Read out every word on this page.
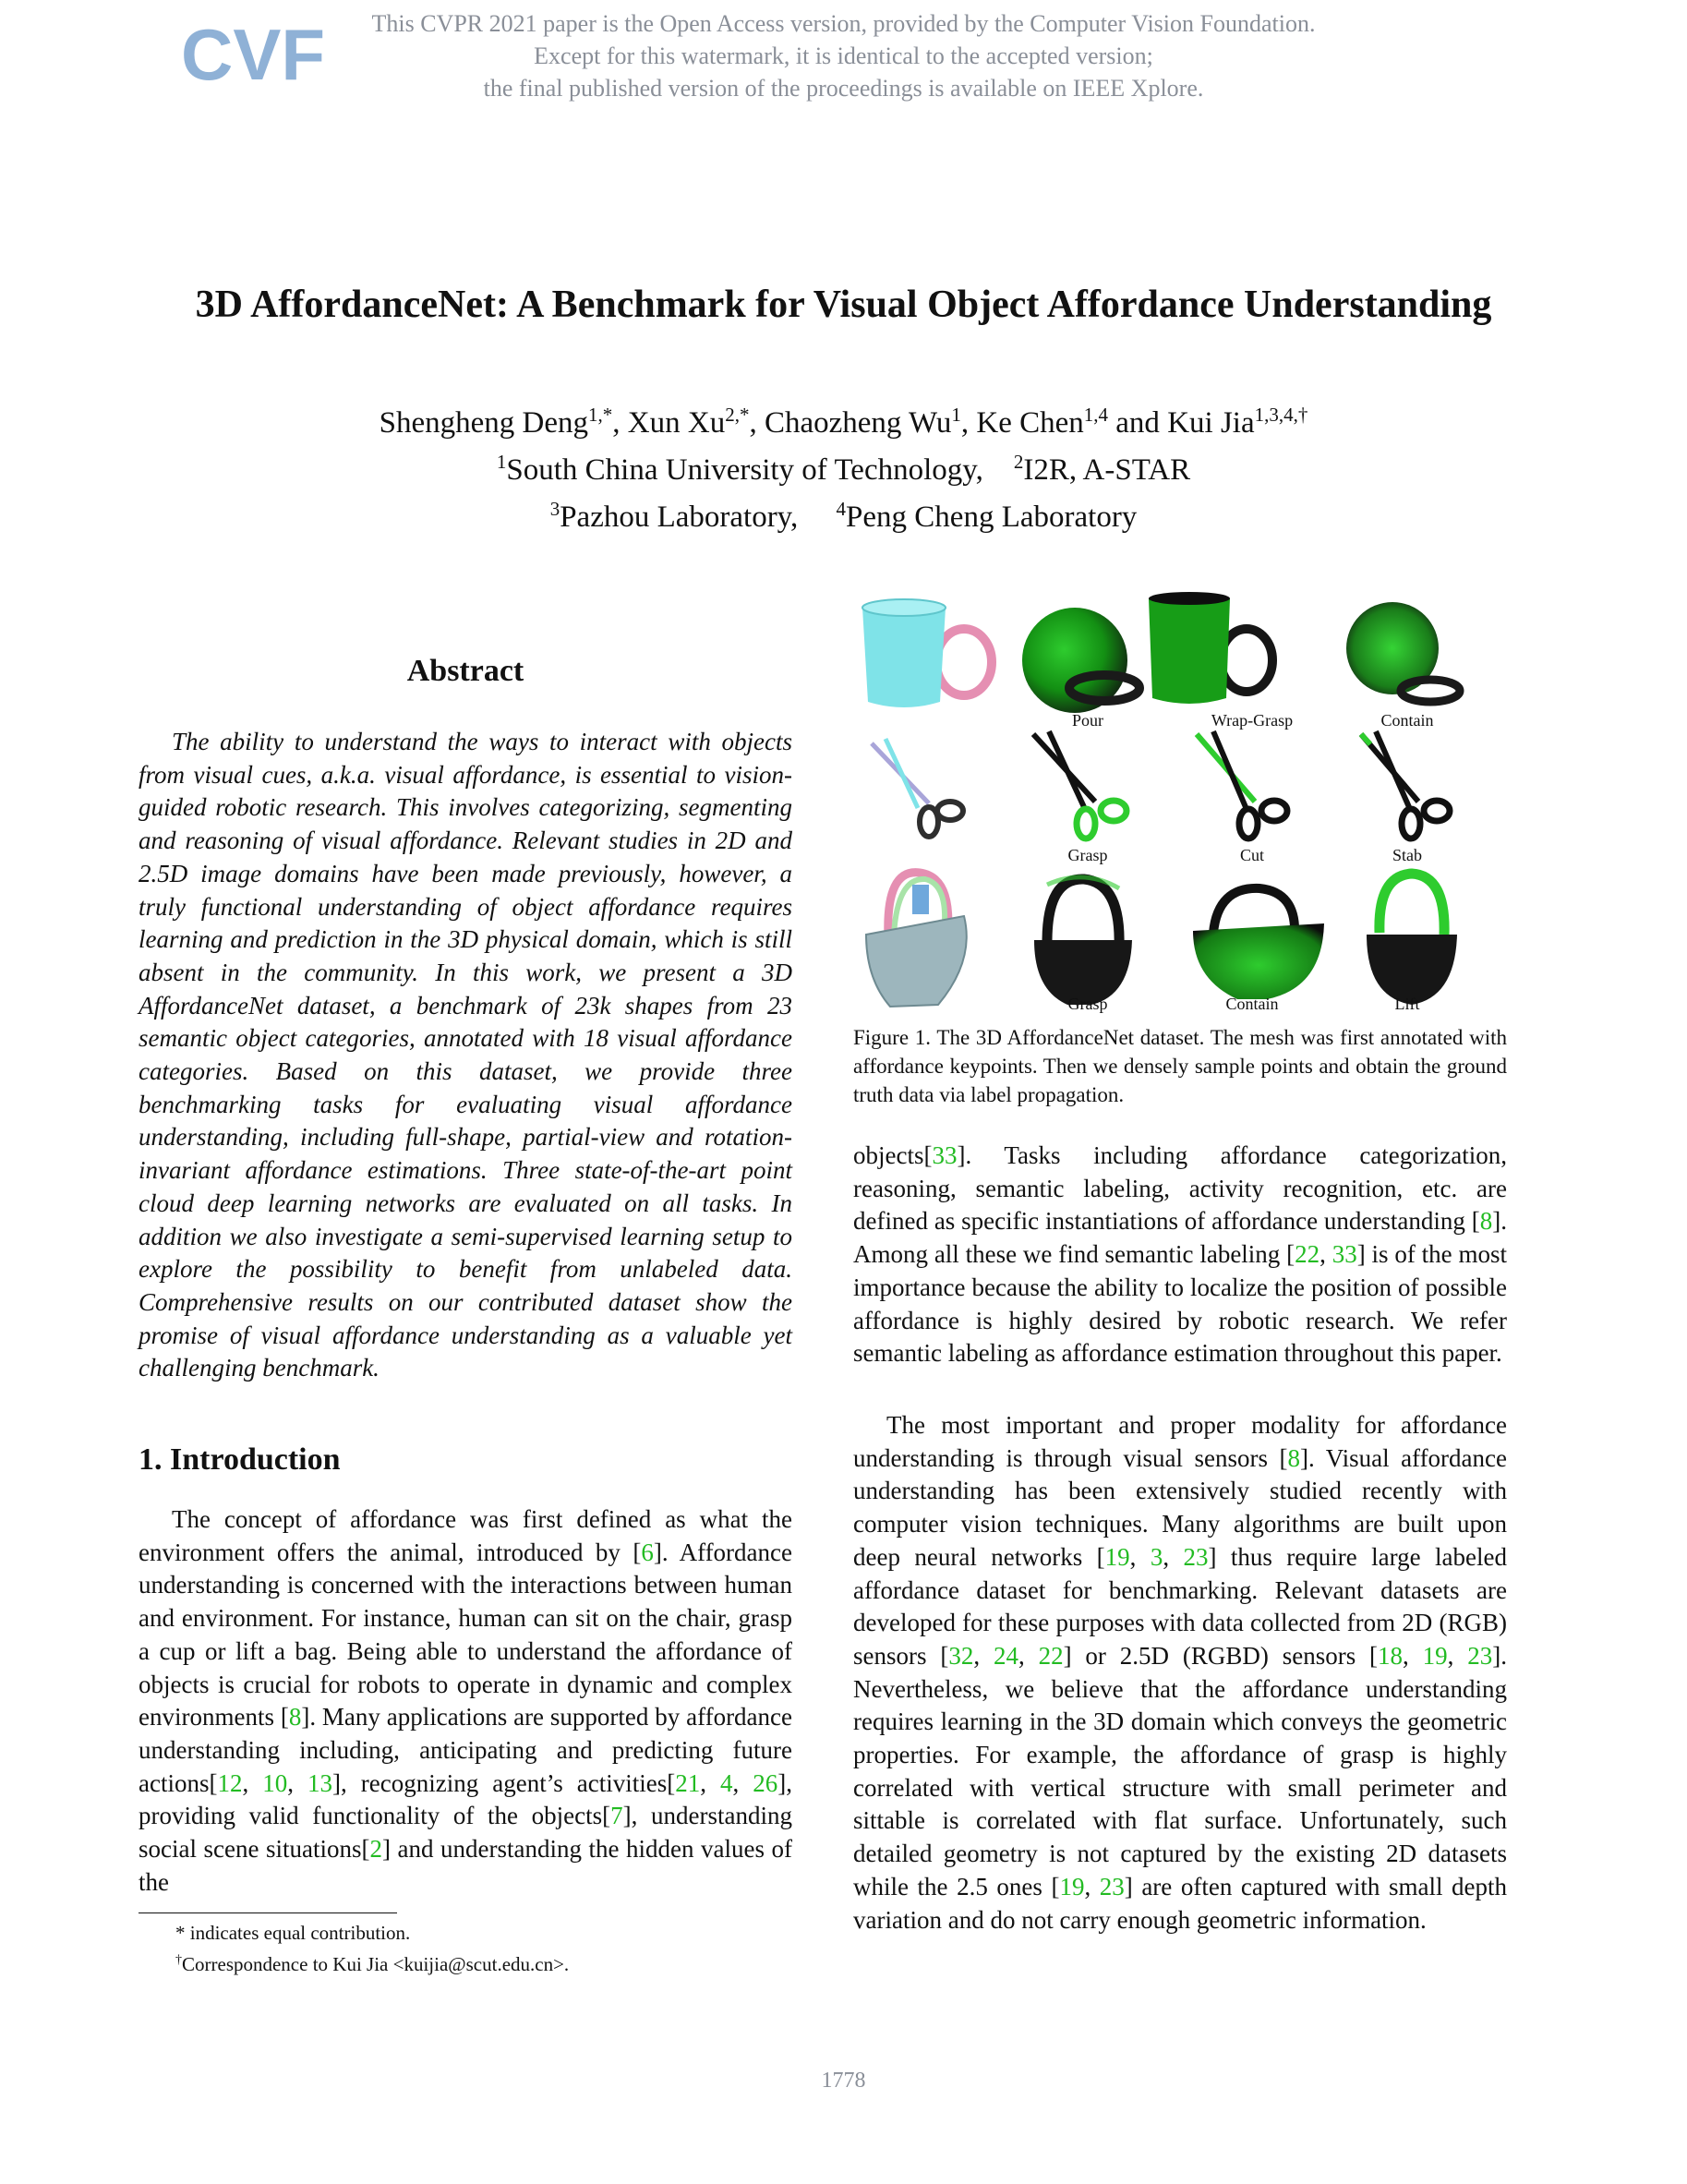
CVF	This CVPR 2021 paper is the Open Access version, provided by the Computer Vision Foundation.
Except for this watermark, it is identical to the accepted version;
the final published version of the proceedings is available on IEEE Xplore.
3D AffordanceNet: A Benchmark for Visual Object Affordance Understanding
Shengheng Deng$^{1,*}$, Xun $Xu^{2,*}$, Chaozheng Wu$^1$, Ke Chen$^{1,4}$ and Kui Jia$^{1,3,4,\dagger}$
$^1$South China University of Technology, $^2$I2R, A-STAR
$^3$Pazhou Laboratory, $^4$Peng Cheng Laboratory
Abstract

The ability to understand the ways to interact with objects from visual cues, a.k.a. visual affordance, is essential to vision-guided robotic research. This involves categorizing, segmenting and reasoning of visual affordance. Relevant studies in 2D and 2.5D image domains have been made previously, however, a truly functional understanding of object affordance requires learning and prediction in the 3D physical domain, which is still absent in the community. In this work, we present a 3D AffordanceNet dataset, a benchmark of 23k shapes from 23 semantic object categories, annotated with 18 visual affordance categories. Based on this dataset, we provide three benchmarking tasks for evaluating visual affordance understanding, including full-shape, partial-view and rotation-invariant affordance estimations. Three state-of-the-art point cloud deep learning networks are evaluated on all tasks. In addition we also investigate a semi-supervised learning setup to explore the possibility to benefit from unlabeled data. Comprehensive results on our contributed dataset show the promise of visual affordance understanding as a valuable yet challenging benchmark.

1. Introduction

The concept of affordance was first defined as what the environment offers the animal, introduced by [6]. Affordance understanding is concerned with the interactions between human and environment. For instance, human can sit on the chair, grasp a cup or lift a bag. Being able to understand the affordance of objects is crucial for robots to operate in dynamic and complex environments [8]. Many applications are supported by affordance understanding including, anticipating and predicting future actions[12, 10, 13], recognizing agent’s activities[21, 4, 26], providing valid functionality of the objects[7], understanding social scene situations[2] and understanding the hidden values of the

* indicates equal contribution.
†Correspondence to Kui Jia <kuijia@scut.edu.cn>.
Pour	Wrap-Grasp	Contain
Grasp	Cut	Stab
Grasp	Contain	Lift

Figure 1. The 3D AffordanceNet dataset. The mesh was first annotated with affordance keypoints. Then we densely sample points and obtain the ground truth data via label propagation.

objects[33]. Tasks including affordance categorization, reasoning, semantic labeling, activity recognition, etc. are defined as specific instantiations of affordance understanding [8]. Among all these we find semantic labeling [22, 33] is of the most importance because the ability to localize the position of possible affordance is highly desired by robotic research. We refer semantic labeling as affordance estimation throughout this paper.

The most important and proper modality for affordance understanding is through visual sensors [8]. Visual affordance understanding has been extensively studied recently with computer vision techniques. Many algorithms are built upon deep neural networks [19, 3, 23] thus require large labeled affordance dataset for benchmarking. Relevant datasets are developed for these purposes with data collected from 2D (RGB) sensors [32, 24, 22] or 2.5D (RGBD) sensors [18, 19, 23]. Nevertheless, we believe that the affordance understanding requires learning in the 3D domain which conveys the geometric properties. For example, the affordance of grasp is highly correlated with vertical structure with small perimeter and sittable is correlated with flat surface. Unfortunately, such detailed geometry is not captured by the existing 2D datasets while the 2.5 ones [19, 23] are often captured with small depth variation and do not carry enough geometric information.

1778
